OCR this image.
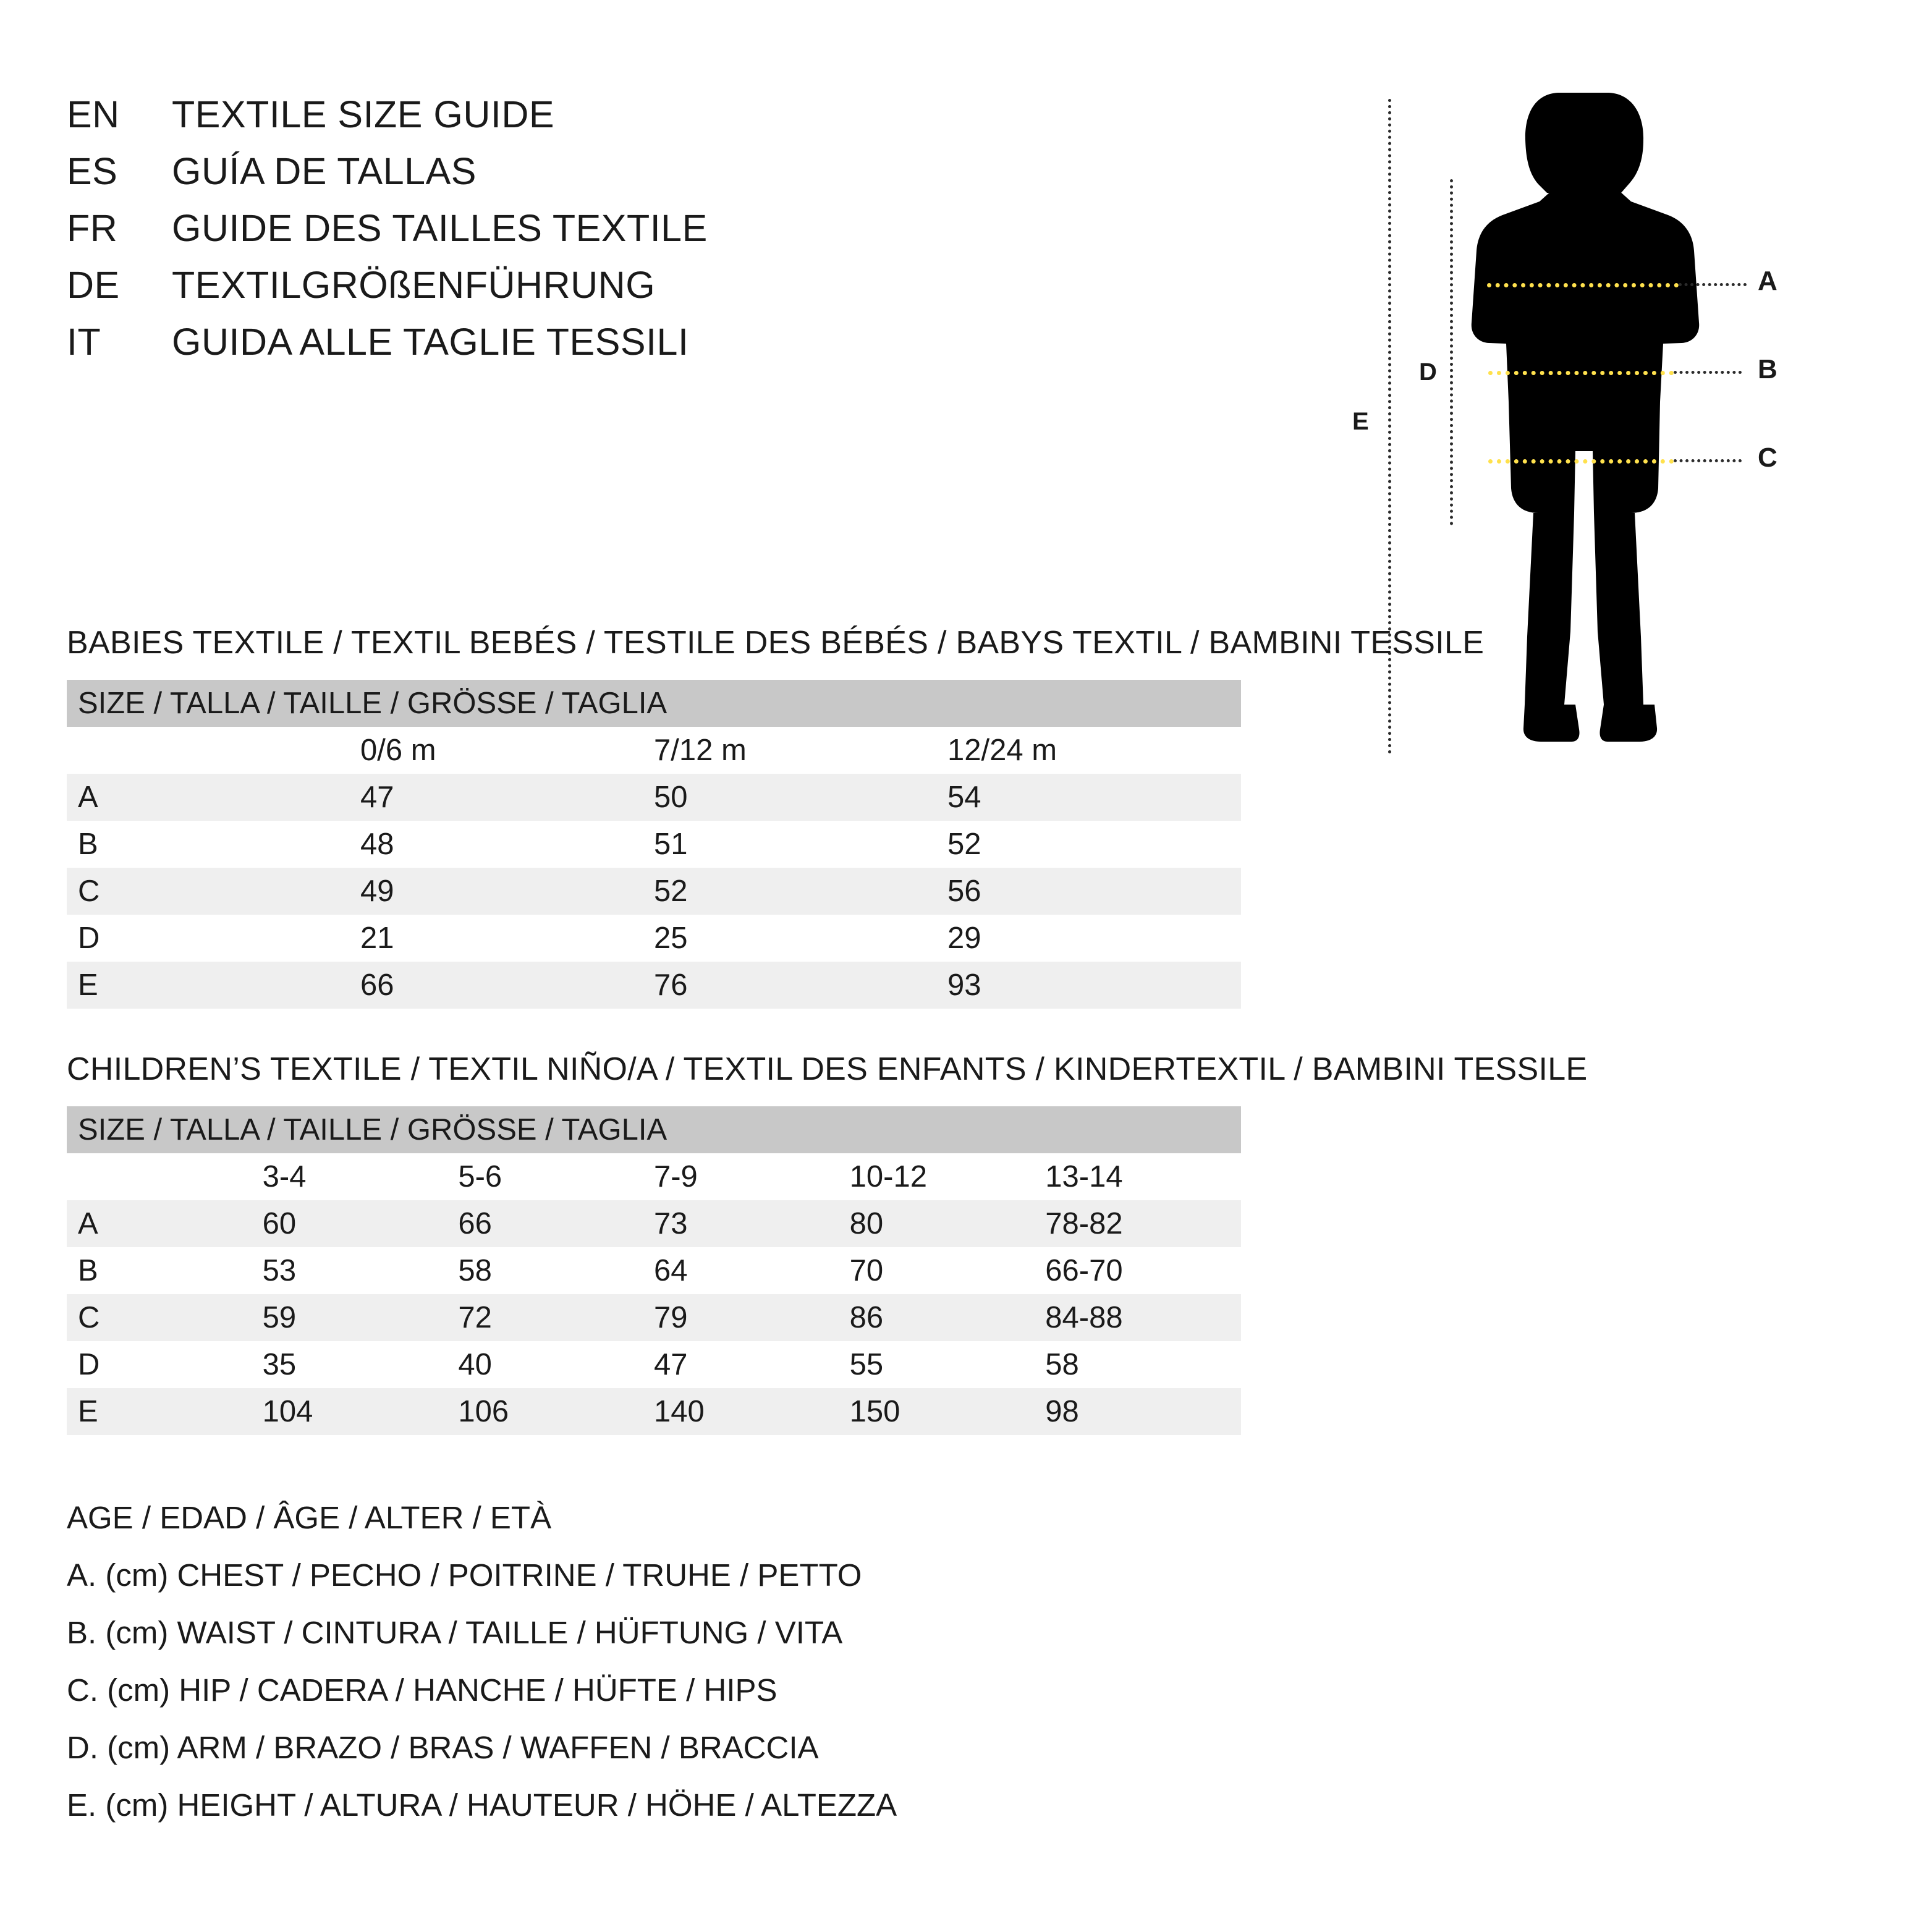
EN	TEXTILE SIZE GUIDE
ES	GUÍA DE TALLAS
FR	GUIDE DES TAILLES TEXTILE
DE	TEXTILGRÖßENFÜHRUNG
IT	GUIDA ALLE TAGLIE TESSILI
E
D
A
B
C
BABIES TEXTILE / TEXTIL BEBÉS / TESTILE DES BÉBÉS / BABYS TEXTIL / BAMBINI TESSILE
SIZE / TALLA / TAILLE / GRÖSSE / TAGLIA			
	0/6 m	7/12 m	12/24 m
A	47	50	54
B	48	51	52
C	49	52	56
D	21	25	29
E	66	76	93
CHILDREN’S TEXTILE / TEXTIL NIÑO/A / TEXTIL DES ENFANTS / KINDERTEXTIL / BAMBINI TESSILE
SIZE / TALLA / TAILLE / GRÖSSE / TAGLIA					
	3-4	5-6	7-9	10-12	13-14
A	60	66	73	80	78-82
B	53	58	64	70	66-70
C	59	72	79	86	84-88
D	35	40	47	55	58
E	104	106	140	150	98
AGE / EDAD / ÂGE / ALTER / ETÀ
A. (cm) CHEST / PECHO / POITRINE / TRUHE / PETTO
B. (cm) WAIST / CINTURA / TAILLE / HÜFTUNG / VITA
C. (cm) HIP / CADERA / HANCHE / HÜFTE / HIPS
D. (cm) ARM / BRAZO / BRAS / WAFFEN / BRACCIA
E. (cm) HEIGHT / ALTURA / HAUTEUR / HÖHE / ALTEZZA
